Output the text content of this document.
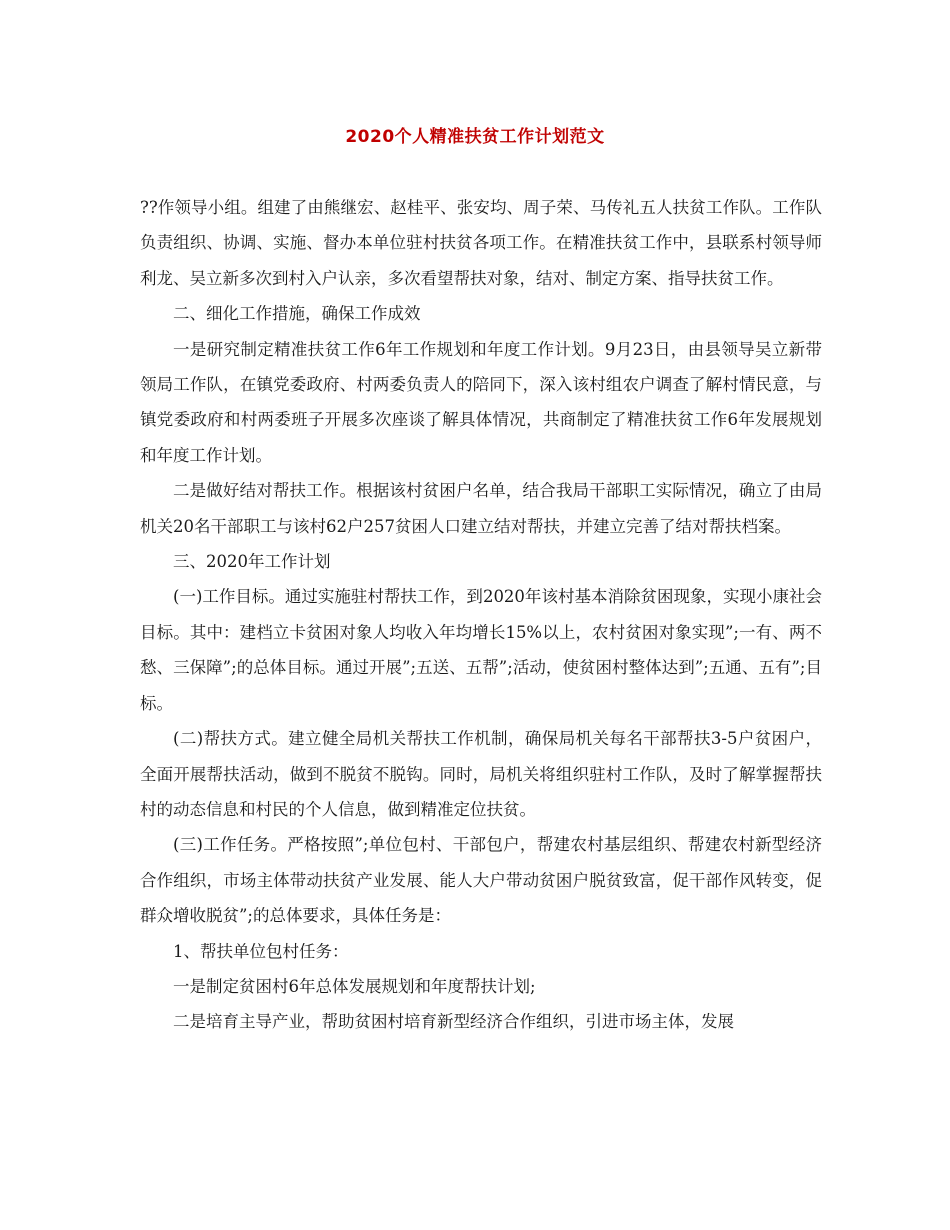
2020个人精准扶贫工作计划范文

??作领导小组。组建了由熊继宏、赵桂平、张安均、周子荣、马传礼五人扶贫工作队。工作队负责组织、协调、实施、督办本单位驻村扶贫各项工作。在精准扶贫工作中，县联系村领导师利龙、吴立新多次到村入户认亲，多次看望帮扶对象，结对、制定方案、指导扶贫工作。

二、细化工作措施，确保工作成效

一是研究制定精准扶贫工作6年工作规划和年度工作计划。9月23日，由县领导吴立新带领局工作队，在镇党委政府、村两委负责人的陪同下，深入该村组农户调查了解村情民意，与镇党委政府和村两委班子开展多次座谈了解具体情况，共商制定了精准扶贫工作6年发展规划和年度工作计划。

二是做好结对帮扶工作。根据该村贫困户名单，结合我局干部职工实际情况，确立了由局机关20名干部职工与该村62户257贫困人口建立结对帮扶，并建立完善了结对帮扶档案。

三、2020年工作计划

(一)工作目标。通过实施驻村帮扶工作，到2020年该村基本消除贫困现象，实现小康社会目标。其中：建档立卡贫困对象人均收入年均增长15%以上，农村贫困对象实现”;一有、两不愁、三保障”;的总体目标。通过开展”;五送、五帮”;活动，使贫困村整体达到”;五通、五有”;目标。

(二)帮扶方式。建立健全局机关帮扶工作机制，确保局机关每名干部帮扶3-5户贫困户，全面开展帮扶活动，做到不脱贫不脱钩。同时，局机关将组织驻村工作队，及时了解掌握帮扶村的动态信息和村民的个人信息，做到精准定位扶贫。

(三)工作任务。严格按照”;单位包村、干部包户，帮建农村基层组织、帮建农村新型经济合作组织，市场主体带动扶贫产业发展、能人大户带动贫困户脱贫致富，促干部作风转变，促群众增收脱贫”;的总体要求，具体任务是：

1、帮扶单位包村任务：

一是制定贫困村6年总体发展规划和年度帮扶计划;

二是培育主导产业，帮助贫困村培育新型经济合作组织，引进市场主体，发展
